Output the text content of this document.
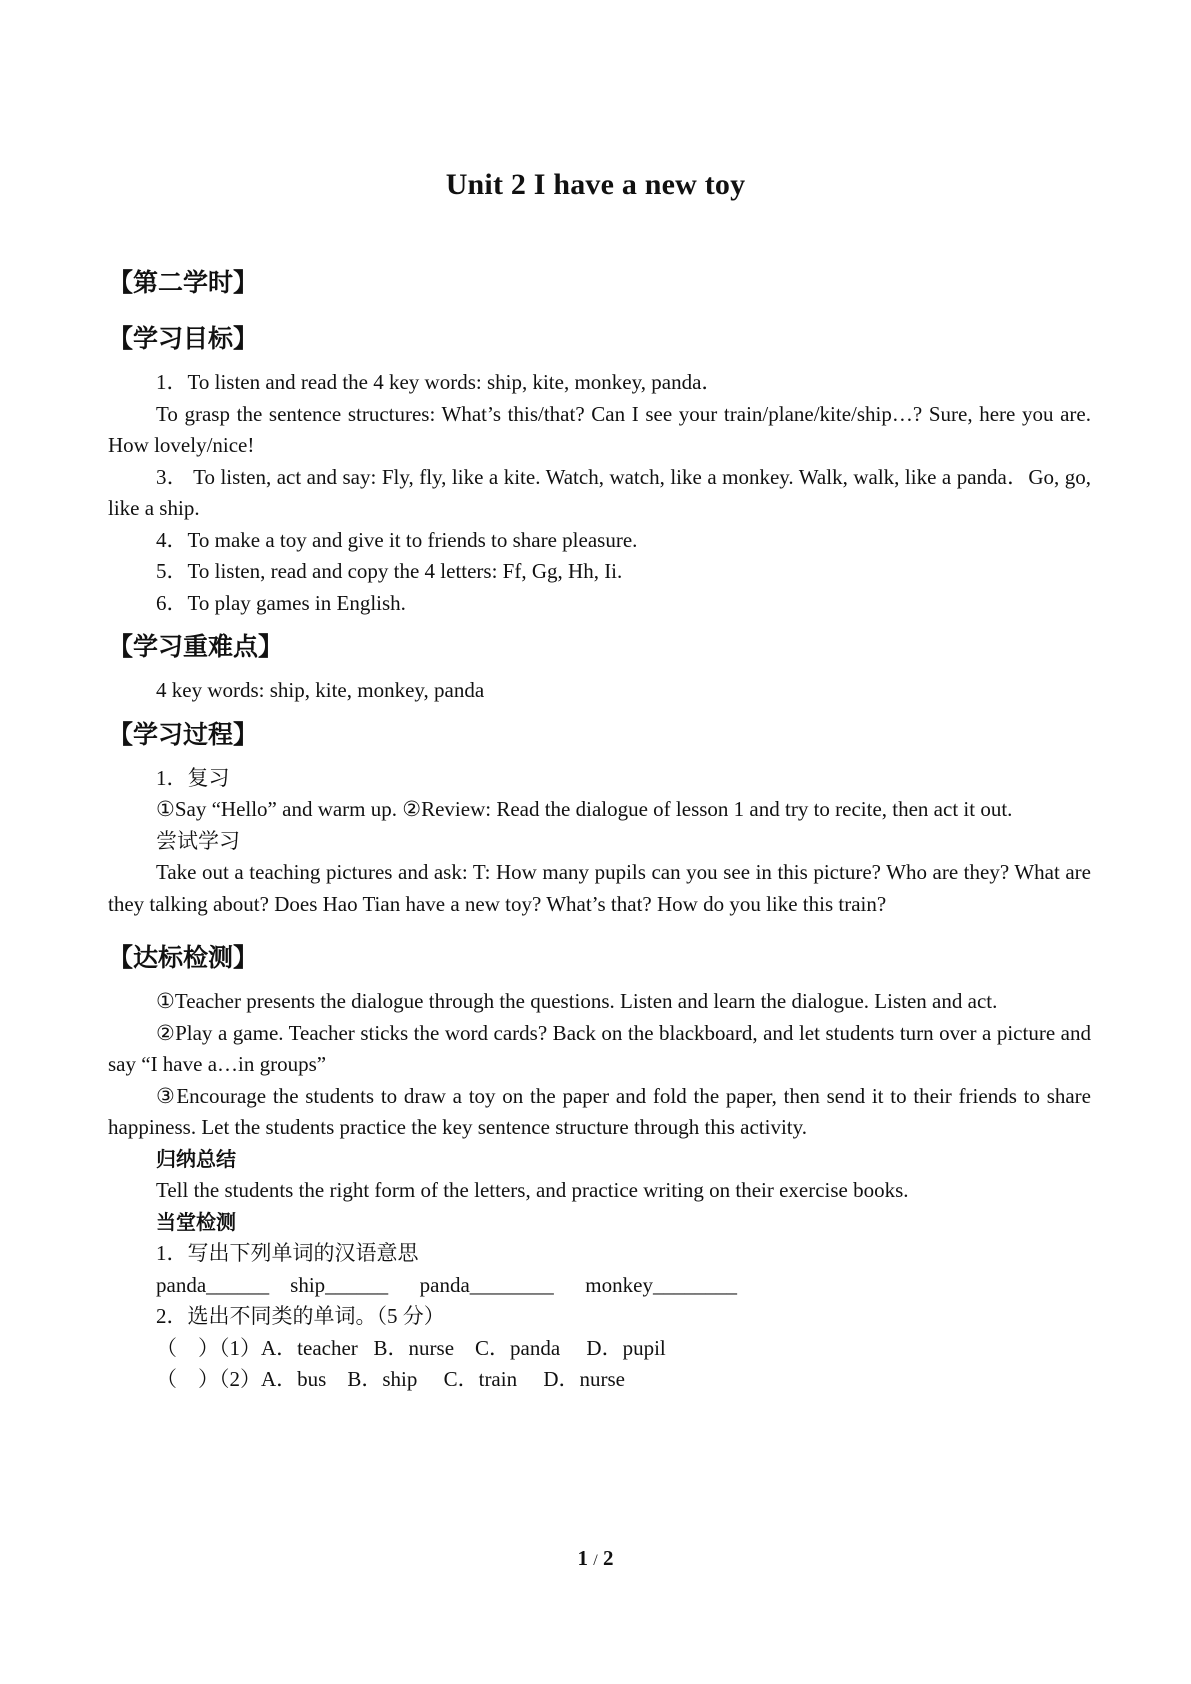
Unit 2 I have a new toy

【第二学时】

【学习目标】

1．To listen and read the 4 key words: ship, kite, monkey, panda．

To grasp the sentence structures: What’s this/that? Can I see your train/plane/kite/ship…? Sure, here you are. How lovely/nice!

3． To listen, act and say: Fly, fly, like a kite. Watch, watch, like a monkey. Walk, walk, like a panda．Go, go, like a ship.

4．To make a toy and give it to friends to share pleasure.

5．To listen, read and copy the 4 letters: Ff, Gg, Hh, Ii.

6．To play games in English.

【学习重难点】

4 key words: ship, kite, monkey, panda

【学习过程】

1．复习

①Say “Hello” and warm up. ②Review: Read the dialogue of lesson 1 and try to recite, then act it out.

尝试学习

Take out a teaching pictures and ask: T: How many pupils can you see in this picture? Who are they? What are they talking about? Does Hao Tian have a new toy? What’s that? How do you like this train?

【达标检测】

①Teacher presents the dialogue through the questions. Listen and learn the dialogue. Listen and act.

②Play a game. Teacher sticks the word cards? Back on the blackboard, and let students turn over a picture and say “I have a…in groups”

③Encourage the students to draw a toy on the paper and fold the paper, then send it to their friends to share happiness. Let the students practice the key sentence structure through this activity.

归纳总结

Tell the students the right form of the letters, and practice writing on their exercise books.

当堂检测

1．写出下列单词的汉语意思

panda______    ship______      panda________      monkey________

2．选出不同类的单词。（5 分）

（    ）（1）A．teacher   B．nurse    C．panda     D．pupil

（    ）（2）A．bus    B．ship     C．train     D．nurse

1 / 2
